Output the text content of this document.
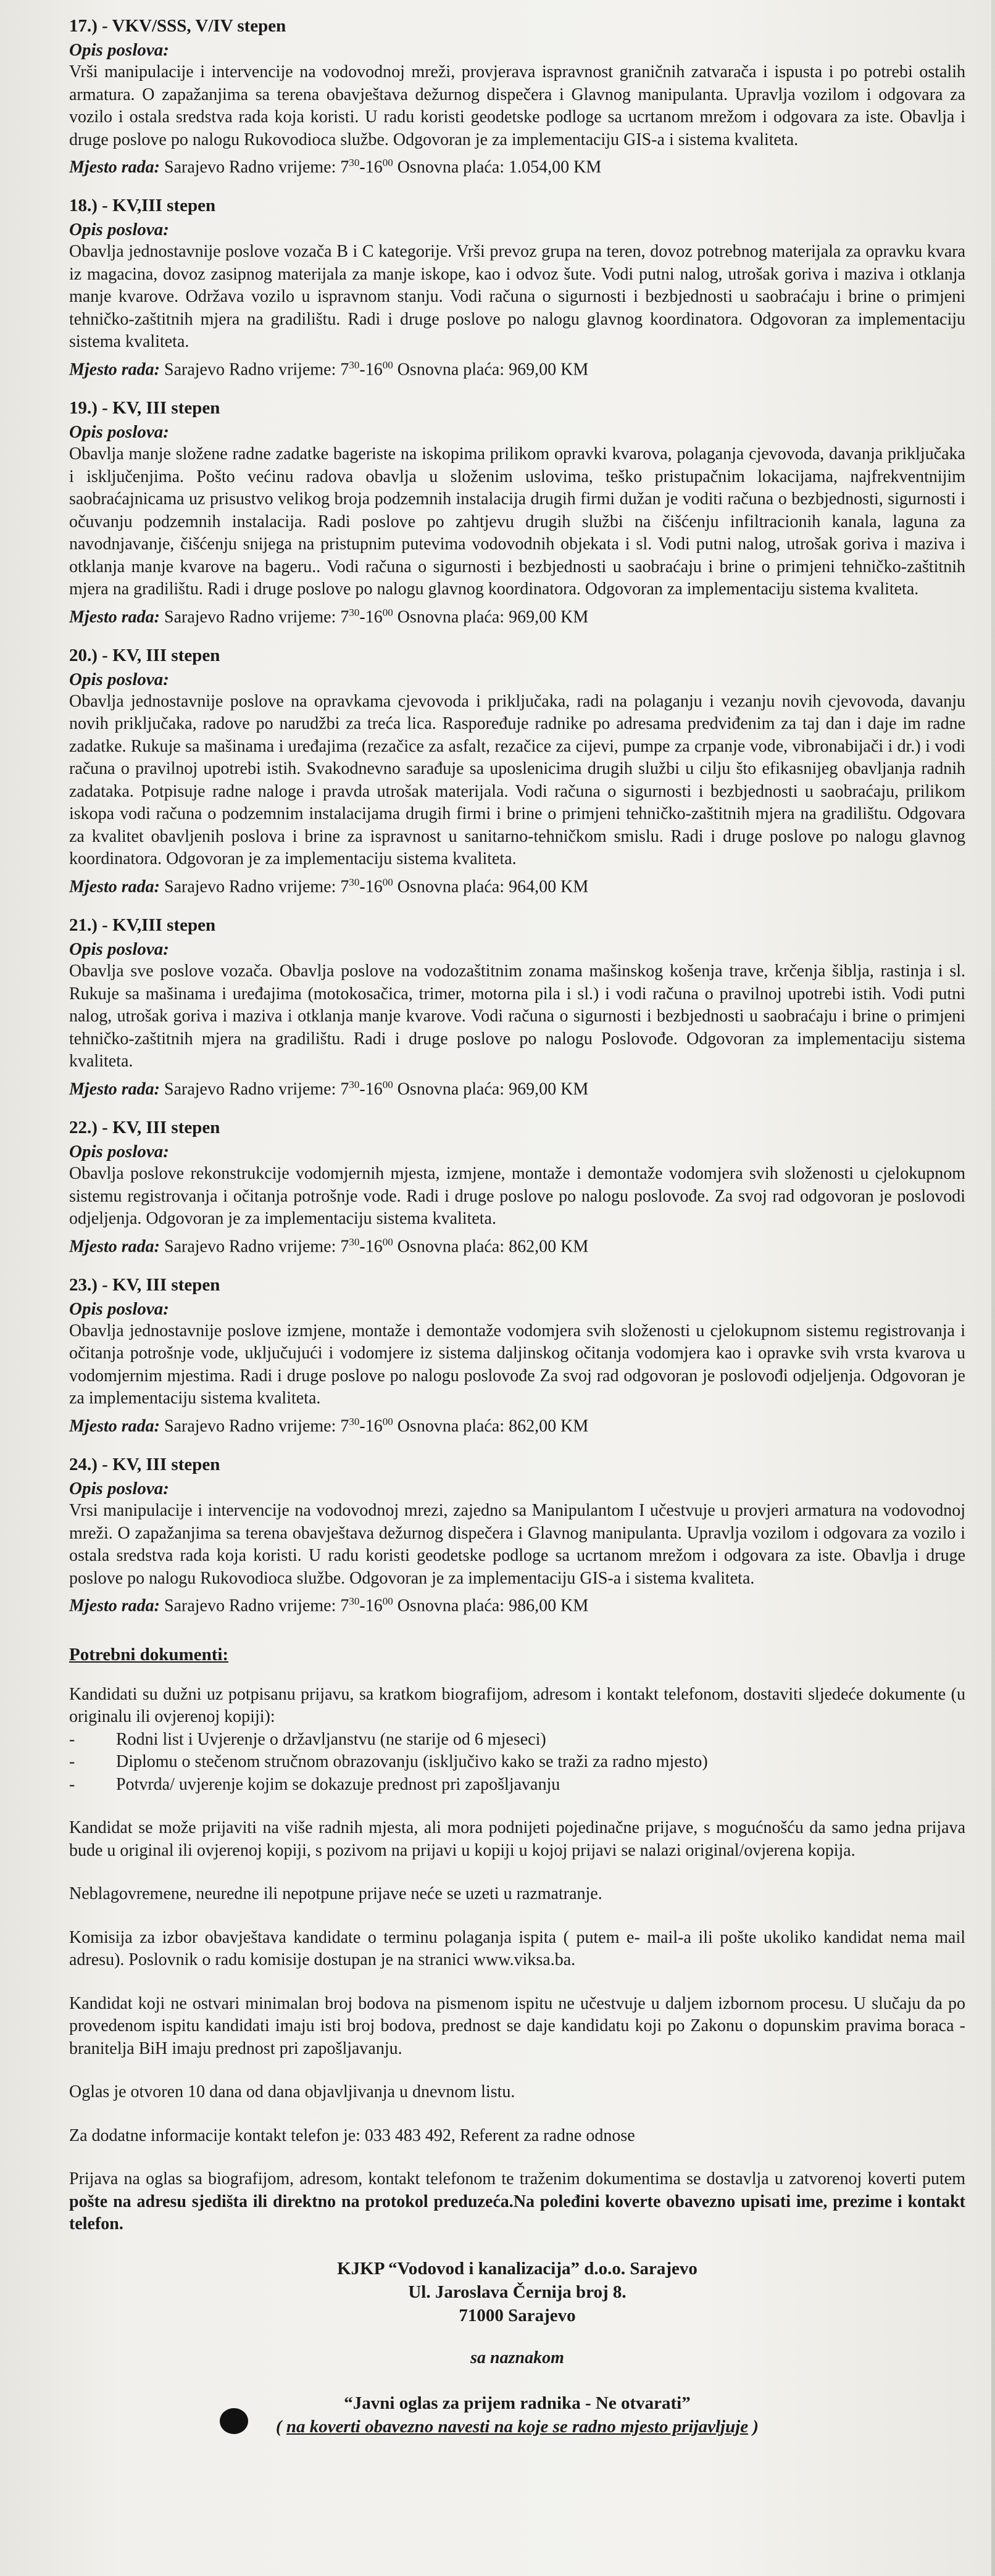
17.) - VKV/SSS, V/IV stepen
Opis poslova:
Vrši manipulacije i intervencije na vodovodnoj mreži, provjerava ispravnost graničnih zatvarača i ispusta i po potrebi ostalih armatura. O zapažanjima sa terena obavještava dežurnog dispečera i Glavnog manipulanta. Upravlja vozilom i odgovara za vozilo i ostala sredstva rada koja koristi. U radu koristi geodetske podloge sa ucrtanom mrežom i odgovara za iste. Obavlja i druge poslove po nalogu Rukovodioca službe. Odgovoran je za implementaciju GIS-a i sistema kvaliteta.
Mjesto rada: Sarajevo Radno vrijeme: $7^{30}-16^{00}$ Osnovna plaća: 1.054,00 KM
18.) - KV,III stepen
Opis poslova:
Obavlja jednostavnije poslove vozača B i C kategorije. Vrši prevoz grupa na teren, dovoz potrebnog materijala za opravku kvara iz magacina, dovoz zasipnog materijala za manje iskope, kao i odvoz šute. Vodi putni nalog, utrošak goriva i maziva i otklanja manje kvarove. Održava vozilo u ispravnom stanju. Vodi računa o sigurnosti i bezbjednosti u saobraćaju i brine o primjeni tehničko-zaštitnih mjera na gradilištu. Radi i druge poslove po nalogu glavnog koordinatora. Odgovoran za implementaciju sistema kvaliteta.
Mjesto rada: Sarajevo Radno vrijeme: $7^{30}-16^{00}$ Osnovna plaća: 969,00 KM
19.) - KV, III stepen
Opis poslova:
Obavlja manje složene radne zadatke bageriste na iskopima prilikom opravki kvarova, polaganja cjevovoda, davanja priključaka i isključenjima. Pošto većinu radova obavlja u složenim uslovima, teško pristupačnim lokacijama, najfrekventnijim saobraćajnicama uz prisustvo velikog broja podzemnih instalacija drugih firmi dužan je voditi računa o bezbjednosti, sigurnosti i očuvanju podzemnih instalacija. Radi poslove po zahtjevu drugih službi na čišćenju infiltracionih kanala, laguna za navodnjavanje, čišćenju snijega na pristupnim putevima vodovodnih objekata i sl. Vodi putni nalog, utrošak goriva i maziva i otklanja manje kvarove na bageru.. Vodi računa o sigurnosti i bezbjednosti u saobraćaju i brine o primjeni tehničko-zaštitnih mjera na gradilištu. Radi i druge poslove po nalogu glavnog koordinatora. Odgovoran za implementaciju sistema kvaliteta.
Mjesto rada: Sarajevo Radno vrijeme: $7^{30}-16^{00}$ Osnovna plaća: 969,00 KM
20.) - KV, III stepen
Opis poslova:
Obavlja jednostavnije poslove na opravkama cjevovoda i priključaka, radi na polaganju i vezanju novih cjevovoda, davanju novih priključaka, radove po narudžbi za treća lica. Raspoređuje radnike po adresama predviđenim za taj dan i daje im radne zadatke. Rukuje sa mašinama i uređajima (rezačice za asfalt, rezačice za cijevi, pumpe za crpanje vode, vibronabijači i dr.) i vodi računa o pravilnoj upotrebi istih. Svakodnevno sarađuje sa uposlenicima drugih službi u cilju što efikasnijeg obavljanja radnih zadataka. Potpisuje radne naloge i pravda utrošak materijala. Vodi računa o sigurnosti i bezbjednosti u saobraćaju, prilikom iskopa vodi računa o podzemnim instalacijama drugih firmi i brine o primjeni tehničko-zaštitnih mjera na gradilištu. Odgovara za kvalitet obavljenih poslova i brine za ispravnost u sanitarno-tehničkom smislu. Radi i druge poslove po nalogu glavnog koordinatora. Odgovoran je za implementaciju sistema kvaliteta.
Mjesto rada: Sarajevo Radno vrijeme: $7^{30}-16^{00}$ Osnovna plaća: 964,00 KM
21.) - KV,III stepen
Opis poslova:
Obavlja sve poslove vozača. Obavlja poslove na vodozaštitnim zonama mašinskog košenja trave, krčenja šiblja, rastinja i sl. Rukuje sa mašinama i uređajima (motokosačica, trimer, motorna pila i sl.) i vodi računa o pravilnoj upotrebi istih. Vodi putni nalog, utrošak goriva i maziva i otklanja manje kvarove. Vodi računa o sigurnosti i bezbjednosti u saobraćaju i brine o primjeni tehničko-zaštitnih mjera na gradilištu. Radi i druge poslove po nalogu Poslovođe. Odgovoran za implementaciju sistema kvaliteta.
Mjesto rada: Sarajevo Radno vrijeme: $7^{30}-16^{00}$ Osnovna plaća: 969,00 KM
22.) - KV, III stepen
Opis poslova:
Obavlja poslove rekonstrukcije vodomjernih mjesta, izmjene, montaže i demontaže vodomjera svih složenosti u cjelokupnom sistemu registrovanja i očitanja potrošnje vode. Radi i druge poslove po nalogu poslovođe. Za svoj rad odgovoran je poslovodi odjeljenja. Odgovoran je za implementaciju sistema kvaliteta.
Mjesto rada: Sarajevo Radno vrijeme: $7^{30}-16^{00}$ Osnovna plaća: 862,00 KM
23.) - KV, III stepen
Opis poslova:
Obavlja jednostavnije poslove izmjene, montaže i demontaže vodomjera svih složenosti u cjelokupnom sistemu registrovanja i očitanja potrošnje vode, uključujući i vodomjere iz sistema daljinskog očitanja vodomjera kao i opravke svih vrsta kvarova u vodomjernim mjestima. Radi i druge poslove po nalogu poslovođe Za svoj rad odgovoran je poslovođi odjeljenja. Odgovoran je za implementaciju sistema kvaliteta.
Mjesto rada: Sarajevo Radno vrijeme: $7^{30}-16^{00}$ Osnovna plaća: 862,00 KM
24.) - KV, III stepen
Opis poslova:
Vrsi manipulacije i intervencije na vodovodnoj mrezi, zajedno sa Manipulantom I učestvuje u provjeri armatura na vodovodnoj mreži. O zapažanjima sa terena obavještava dežurnog dispečera i Glavnog manipulanta. Upravlja vozilom i odgovara za vozilo i ostala sredstva rada koja koristi. U radu koristi geodetske podloge sa ucrtanom mrežom i odgovara za iste. Obavlja i druge poslove po nalogu Rukovodioca službe. Odgovoran je za implementaciju GIS-a i sistema kvaliteta.
Mjesto rada: Sarajevo Radno vrijeme: $7^{30}-16^{00}$ Osnovna plaća: 986,00 KM
Potrebni dokumenti:
Kandidati su dužni uz potpisanu prijavu, sa kratkom biografijom, adresom i kontakt telefonom, dostaviti sljedeće dokumente (u originalu ili ovjerenoj kopiji):
- Rodni list i Uvjerenje o državljanstvu (ne starije od 6 mjeseci)
- Diplomu o stečenom stručnom obrazovanju (isključivo kako se traži za radno mjesto)
- Potvrda/ uvjerenje kojim se dokazuje prednost pri zapošljavanju
Kandidat se može prijaviti na više radnih mjesta, ali mora podnijeti pojedinačne prijave, s mogućnošću da samo jedna prijava bude u original ili ovjerenoj kopiji, s pozivom na prijavi u kopiji u kojoj prijavi se nalazi original/ovjerena kopija.
Neblagovremene, neuredne ili nepotpune prijave neće se uzeti u razmatranje.
Komisija za izbor obavještava kandidate o terminu polaganja ispita ( putem e- mail-a ili pošte ukoliko kandidat nema mail adresu). Poslovnik o radu komisije dostupan je na stranici www.viksa.ba.
Kandidat koji ne ostvari minimalan broj bodova na pismenom ispitu ne učestvuje u daljem izbornom procesu. U slučaju da po provedenom ispitu kandidati imaju isti broj bodova, prednost se daje kandidatu koji po Zakonu o dopunskim pravima boraca - branitelja BiH imaju prednost pri zapošljavanju.
Oglas je otvoren 10 dana od dana objavljivanja u dnevnom listu.
Za dodatne informacije kontakt telefon je: 033 483 492, Referent za radne odnose
Prijava na oglas sa biografijom, adresom, kontakt telefonom te traženim dokumentima se dostavlja u zatvorenoj koverti putem pošte na adresu sjedišta ili direktno na protokol preduzeća.Na poleđini koverte obavezno upisati ime, prezime i kontakt telefon.
KJKP “Vodovod i kanalizacija” d.o.o. Sarajevo
Ul. Jaroslava Černija broj 8.
71000 Sarajevo
sa naznakom
“Javni oglas za prijem radnika - Ne otvarati”
( na koverti obavezno navesti na koje se radno mjesto prijavljuje )
